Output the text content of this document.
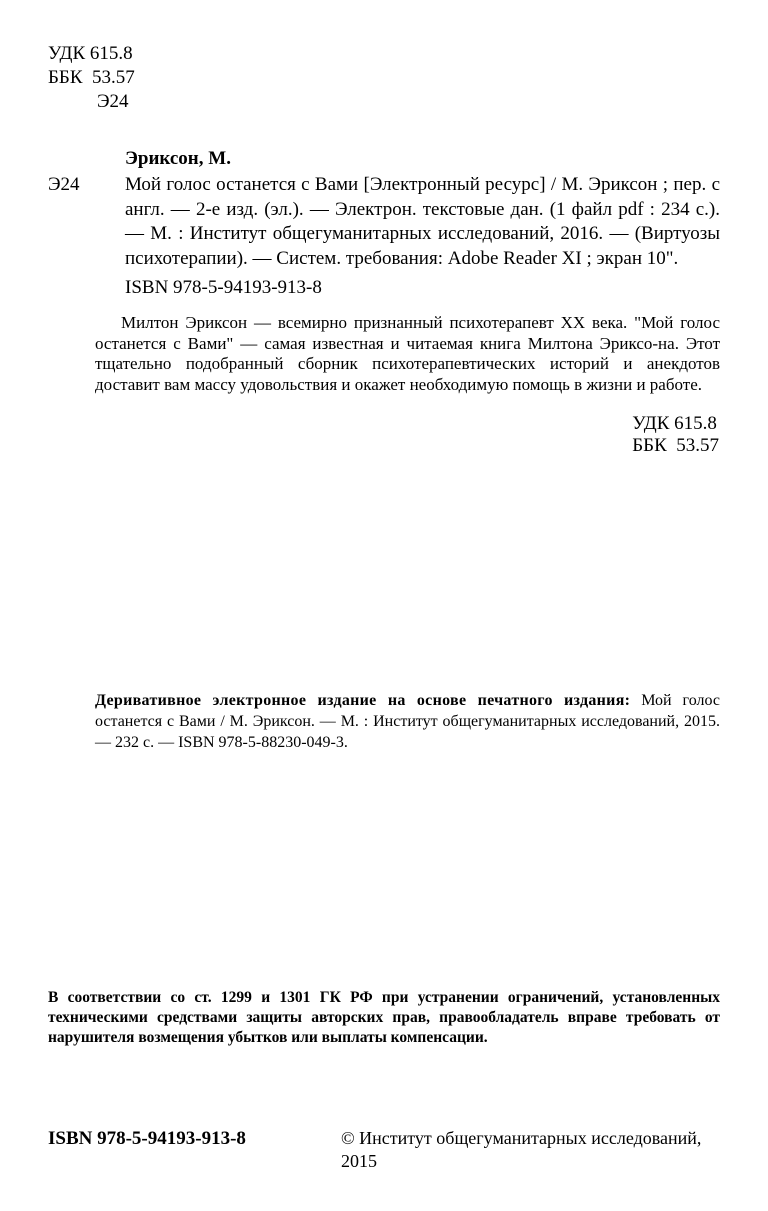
УДК 615.8
ББК  53.57
Э24
Э24
Эриксон, М.
Мой голос останется с Вами [Электронный ресурс] / М. Эриксон ; пер. с англ. — 2-е изд. (эл.). — Электрон. текстовые дан. (1 файл pdf : 234 с.). — М. : Институт общегуманитарных исследований, 2016. — (Виртуозы психотерапии). — Систем. требования: Adobe Reader XI ; экран 10".
ISBN 978-5-94193-913-8
Милтон Эриксон — всемирно признанный психотерапевт XX века. "Мой голос останется с Вами" — самая известная и читаемая книга Милтона Эриксо-на. Этот тщательно подобранный сборник психотерапевтических историй и анекдотов доставит вам массу удовольствия и окажет необходимую помощь в жизни и работе.
УДК 615.8
ББК  53.57
Деривативное электронное издание на основе печатного издания: Мой голос останется с Вами / М. Эриксон. — М. : Институт общегуманитарных исследований, 2015. — 232 с. — ISBN 978-5-88230-049-3.
В соответствии со ст. 1299 и 1301 ГК РФ при устранении ограничений, установленных техническими средствами защиты авторских прав, правообладатель вправе требовать от нарушителя возмещения убытков или выплаты компенсации.
ISBN 978-5-94193-913-8	© Институт общегуманитарных исследований, 2015
